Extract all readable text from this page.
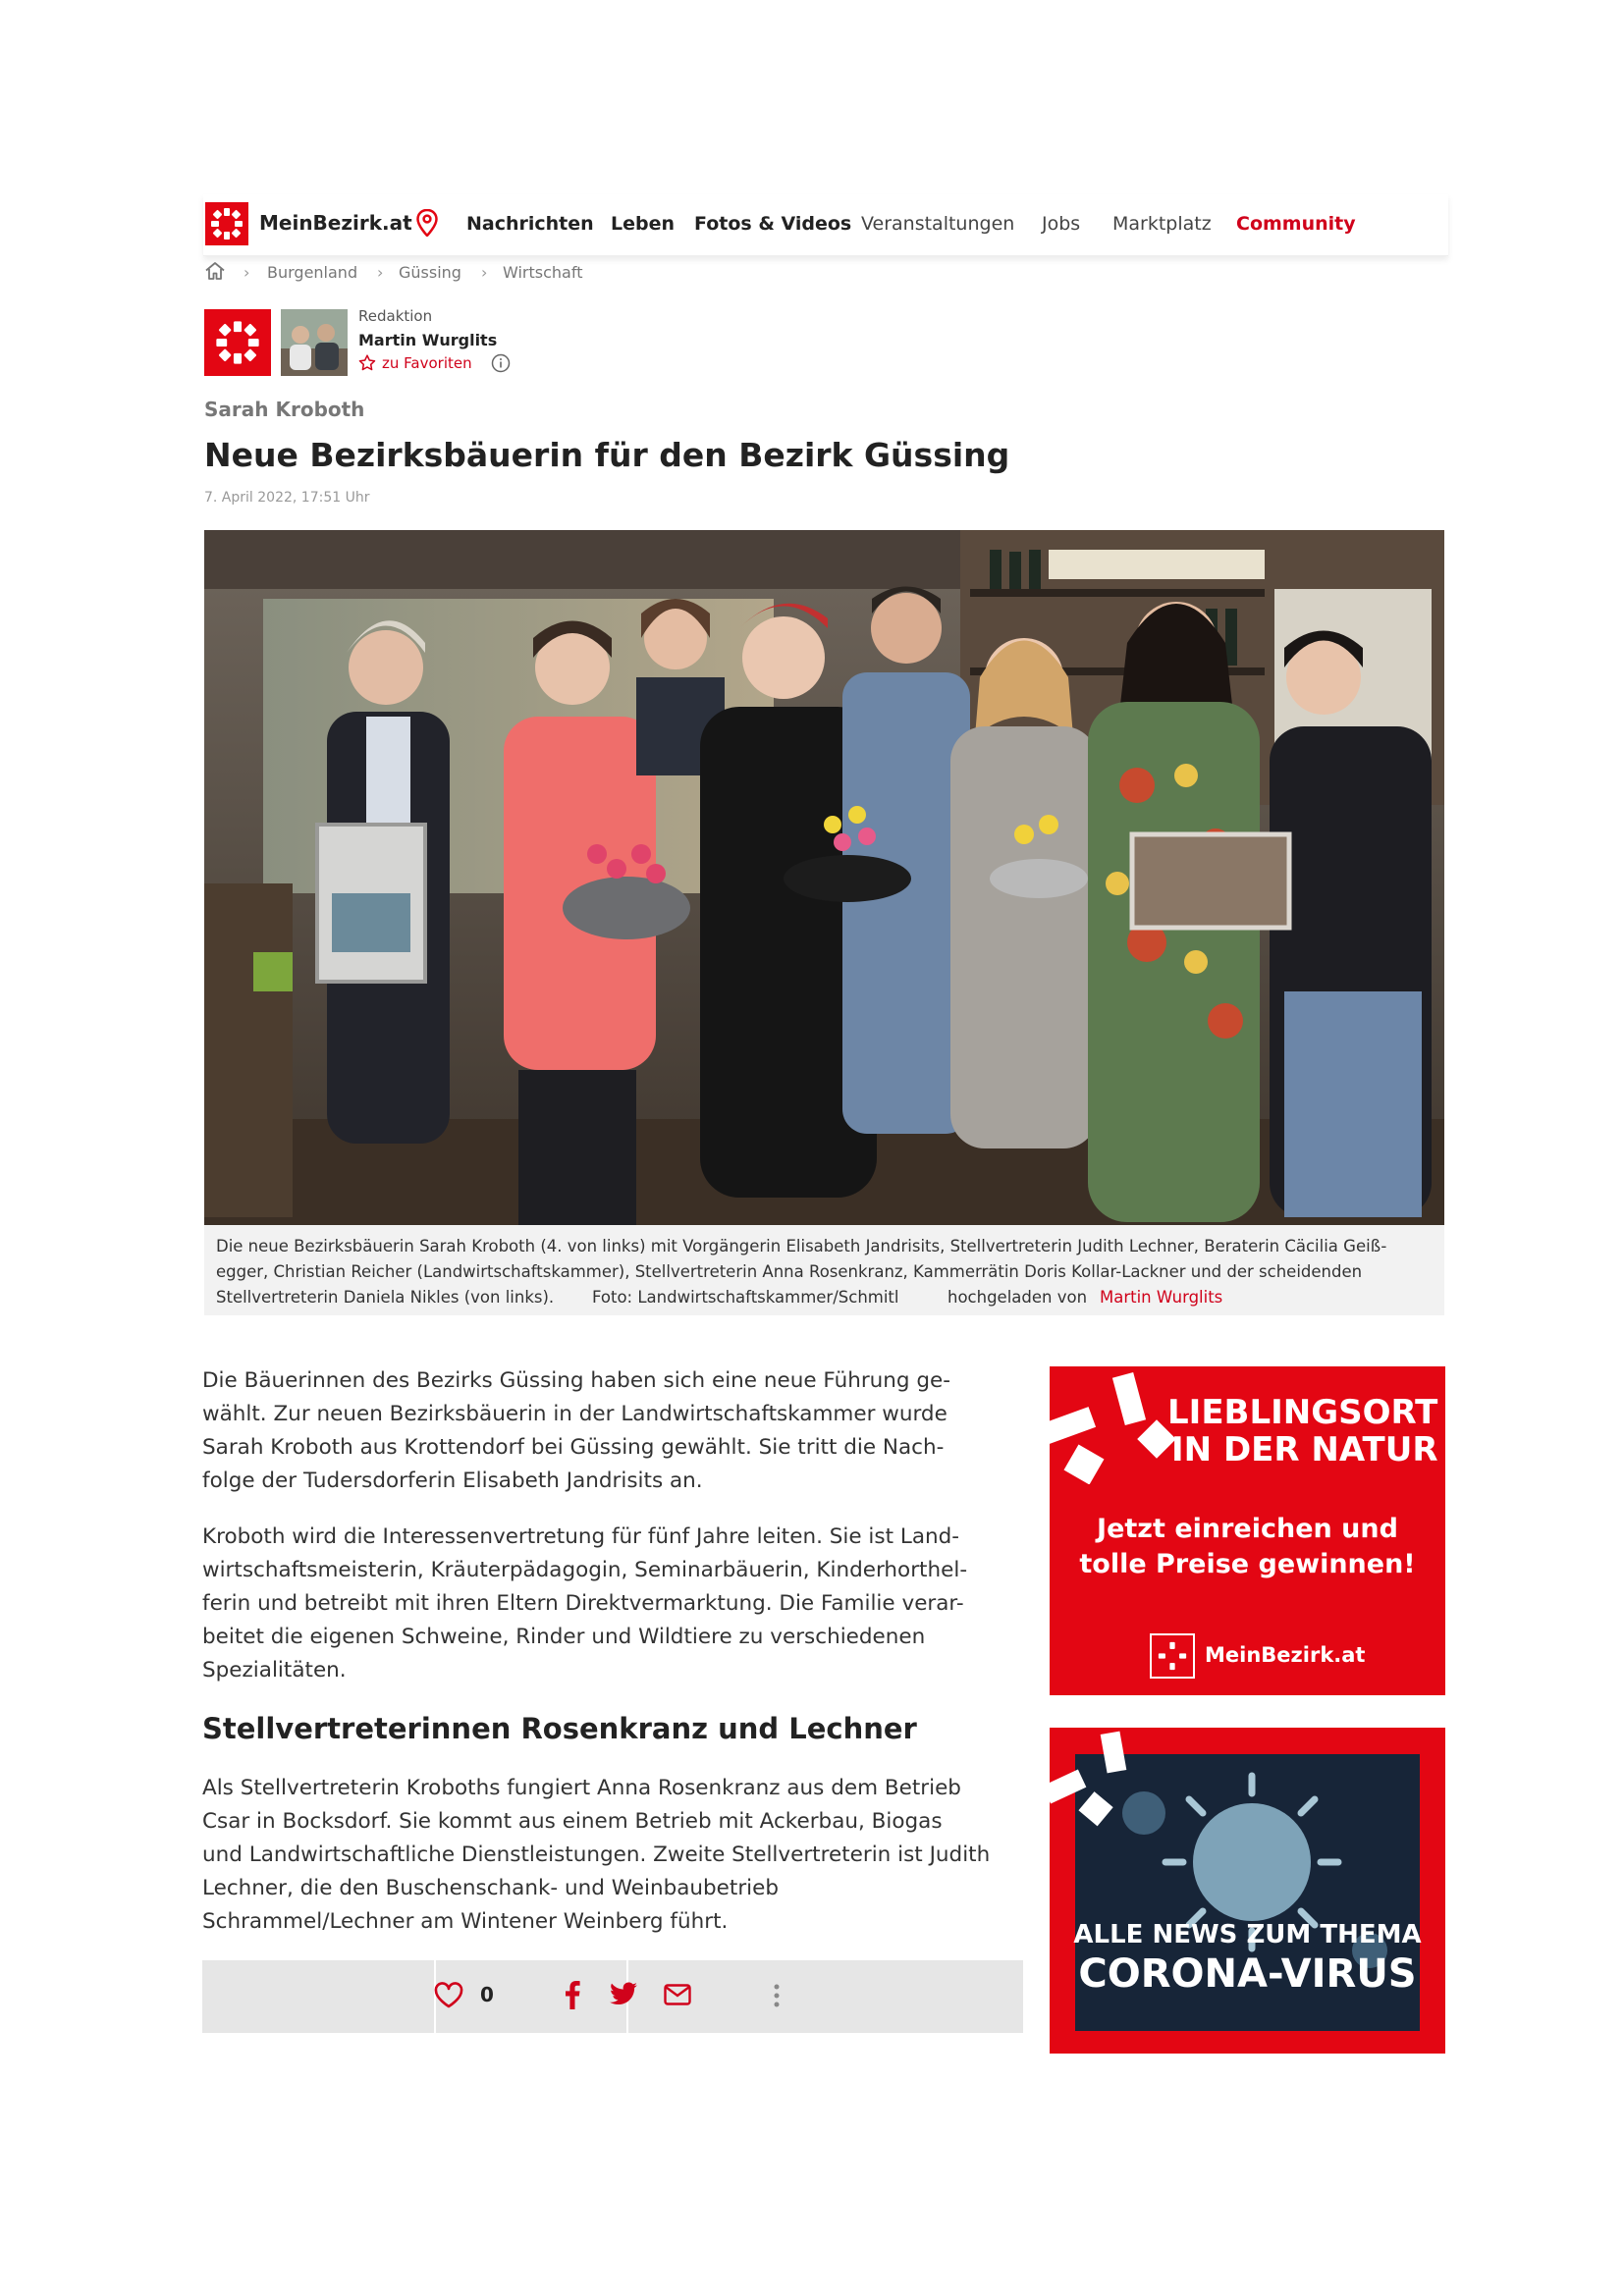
MeinBezirk.at	Nachrichten Leben Fotos & Videos Veranstaltungen Jobs Marktplatz Community
› Burgenland › Güssing › Wirtschaft
Redaktion
Martin Wurglits
zu Favoriten
Sarah Kroboth
Neue Bezirksbäuerin für den Bezirk Güssing
7. April 2022, 17:51 Uhr
Die neue Bezirksbäuerin Sarah Kroboth (4. von links) mit Vorgängerin Elisabeth Jandrisits, Stellvertreterin Judith Lechner, Beraterin Cäcilia Geiß-
egger, Christian Reicher (Landwirtschaftskammer), Stellvertreterin Anna Rosenkranz, Kammerrätin Doris Kollar-Lackner und der scheidenden
Stellvertreterin Daniela Nikles (von links). Foto: Landwirtschaftskammer/Schmitl	hochgeladen von Martin Wurglits
Die Bäuerinnen des Bezirks Güssing haben sich eine neue Führung ge-
wählt. Zur neuen Bezirksbäuerin in der Landwirtschaftskammer wurde
Sarah Kroboth aus Krottendorf bei Güssing gewählt. Sie tritt die Nach-
folge der Tudersdorferin Elisabeth Jandrisits an.
Kroboth wird die Interessenvertretung für fünf Jahre leiten. Sie ist Land-
wirtschaftsmeisterin, Kräuterpädagogin, Seminarbäuerin, Kinderhorthel-
ferin und betreibt mit ihren Eltern Direktvermarktung. Die Familie verar-
beitet die eigenen Schweine, Rinder und Wildtiere zu verschiedenen
Spezialitäten.
Stellvertreterinnen Rosenkranz und Lechner
Als Stellvertreterin Kroboths fungiert Anna Rosenkranz aus dem Betrieb
Csar in Bocksdorf. Sie kommt aus einem Betrieb mit Ackerbau, Biogas
und Landwirtschaftliche Dienstleistungen. Zweite Stellvertreterin ist Judith
Lechner, die den Buschenschank- und Weinbaubetrieb
Schrammel/Lechner am Wintener Weinberg führt.
0
LIEBLINGSORT
IN DER NATUR
Jetzt einreichen und
tolle Preise gewinnen!
MeinBezirk.at
ALLE NEWS ZUM THEMA
CORONA-VIRUS
